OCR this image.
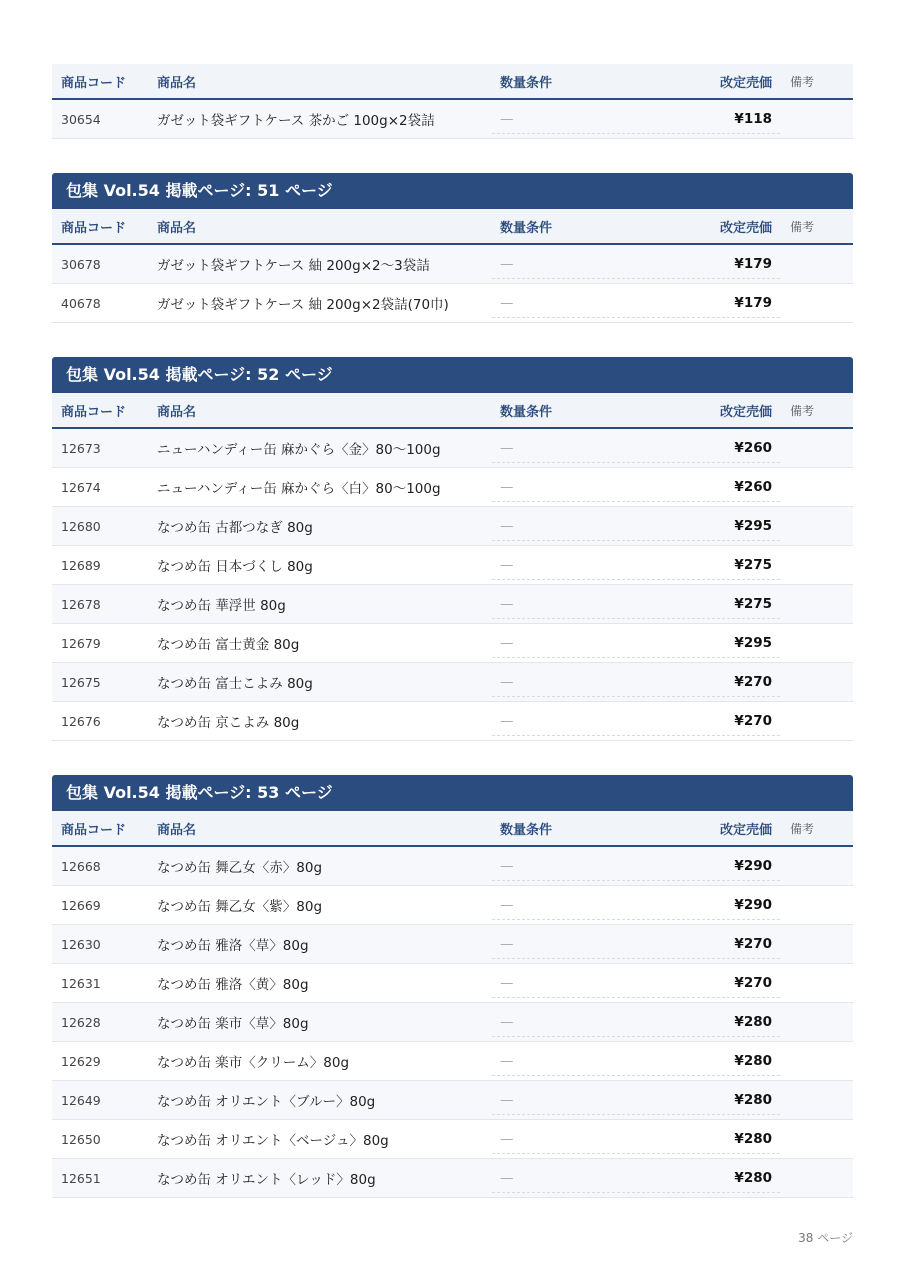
商品コード	商品名	数量条件	改定売価	備考
30654	ガゼット袋ギフトケース 茶かご 100g×2袋詰	—	¥118
包集 Vol.54 掲載ページ: 51 ページ
商品コード	商品名	数量条件	改定売価	備考
30678	ガゼット袋ギフトケース 紬 200g×2〜3袋詰	—	¥179
40678	ガゼット袋ギフトケース 紬 200g×2袋詰(70巾)	—	¥179
包集 Vol.54 掲載ページ: 52 ページ
商品コード	商品名	数量条件	改定売価	備考
12673	ニューハンディー缶 麻かぐら〈金〉80〜100g	—	¥260
12674	ニューハンディー缶 麻かぐら〈白〉80〜100g	—	¥260
12680	なつめ缶 古都つなぎ 80g	—	¥295
12689	なつめ缶 日本づくし 80g	—	¥275
12678	なつめ缶 華浮世 80g	—	¥275
12679	なつめ缶 富士黄金 80g	—	¥295
12675	なつめ缶 富士こよみ 80g	—	¥270
12676	なつめ缶 京こよみ 80g	—	¥270
包集 Vol.54 掲載ページ: 53 ページ
商品コード	商品名	数量条件	改定売価	備考
12668	なつめ缶 舞乙女〈赤〉80g	—	¥290
12669	なつめ缶 舞乙女〈紫〉80g	—	¥290
12630	なつめ缶 雅洛〈草〉80g	—	¥270
12631	なつめ缶 雅洛〈黄〉80g	—	¥270
12628	なつめ缶 楽市〈草〉80g	—	¥280
12629	なつめ缶 楽市〈クリーム〉80g	—	¥280
12649	なつめ缶 オリエント〈ブルー〉80g	—	¥280
12650	なつめ缶 オリエント〈ベージュ〉80g	—	¥280
12651	なつめ缶 オリエント〈レッド〉80g	—	¥280
38 ページ
